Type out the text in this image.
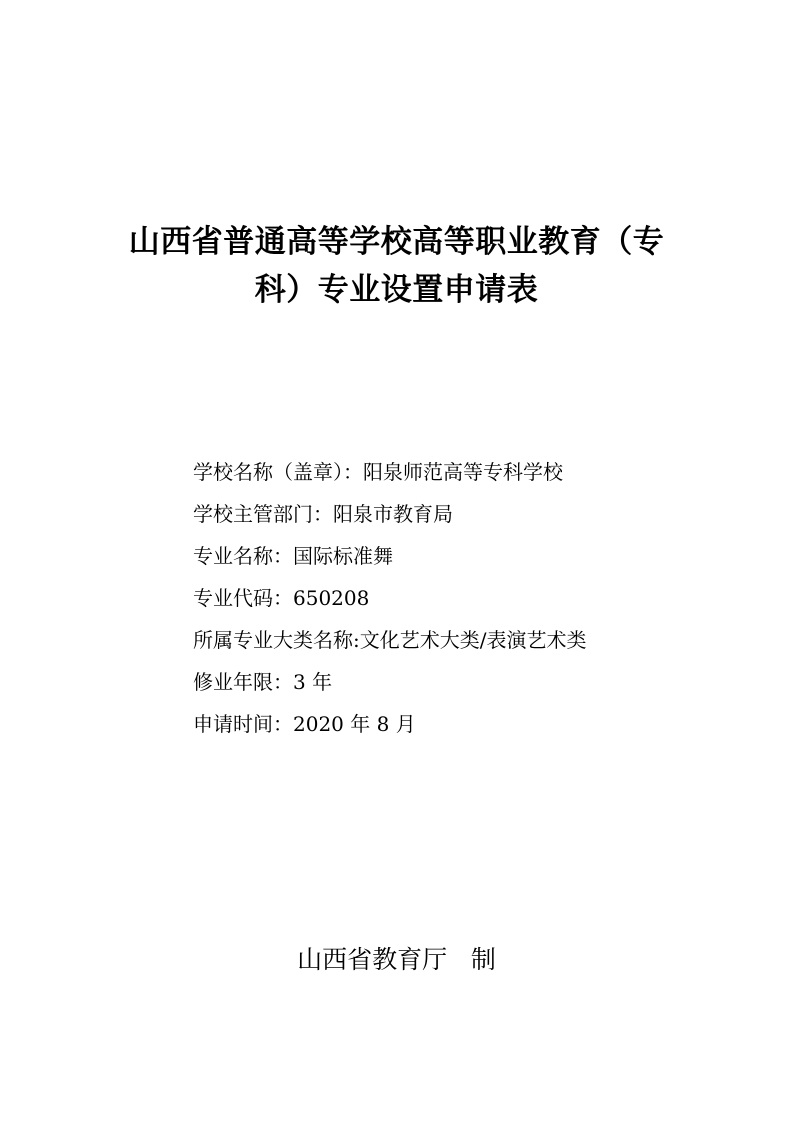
山西省普通高等学校高等职业教育（专
科）专业设置申请表
学校名称（盖章）：阳泉师范高等专科学校
学校主管部门：阳泉市教育局
专业名称：国际标准舞
专业代码：650208
所属专业大类名称:文化艺术大类/表演艺术类
修业年限：3 年
申请时间：2020 年 8 月
山西省教育厅   制
